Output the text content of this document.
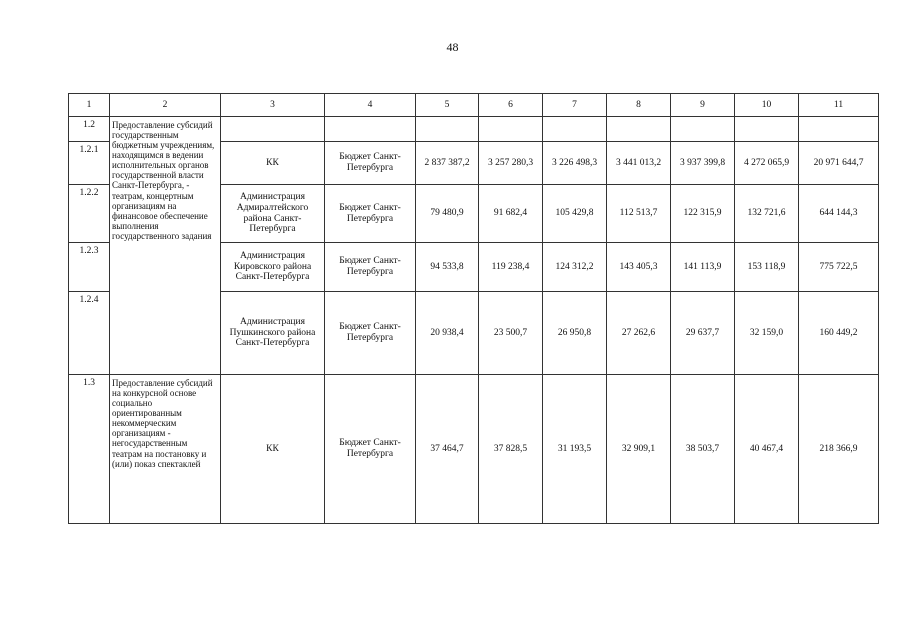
48
1	2	3	4	5	6	7	8	9	10	11
1.2	Предоставление субсидий государственным бюджетным учреждениям, находящимся в ведении исполнительных органов государственной власти Санкт-Петербурга, - театрам, концертным организациям на финансовое обеспечение выполнения государственного задания									
1.2.1		КК	Бюджет Санкт-Петербурга	2 837 387,2	3 257 280,3	3 226 498,3	3 441 013,2	3 937 399,8	4 272 065,9	20 971 644,7
1.2.2		Администрация Адмиралтейского района Санкт-Петербурга	Бюджет Санкт-Петербурга	79 480,9	91 682,4	105 429,8	112 513,7	122 315,9	132 721,6	644 144,3
1.2.3		Администрация Кировского района Санкт-Петербурга	Бюджет Санкт-Петербурга	94 533,8	119 238,4	124 312,2	143 405,3	141 113,9	153 118,9	775 722,5
1.2.4		Администрация Пушкинского района Санкт-Петербурга	Бюджет Санкт-Петербурга	20 938,4	23 500,7	26 950,8	27 262,6	29 637,7	32 159,0	160 449,2
1.3	Предоставление субсидий на конкурсной основе социально ориентированным некоммерческим организациям - негосударственным театрам на постановку и (или) показ спектаклей	КК	Бюджет Санкт-Петербурга	37 464,7	37 828,5	31 193,5	32 909,1	38 503,7	40 467,4	218 366,9
